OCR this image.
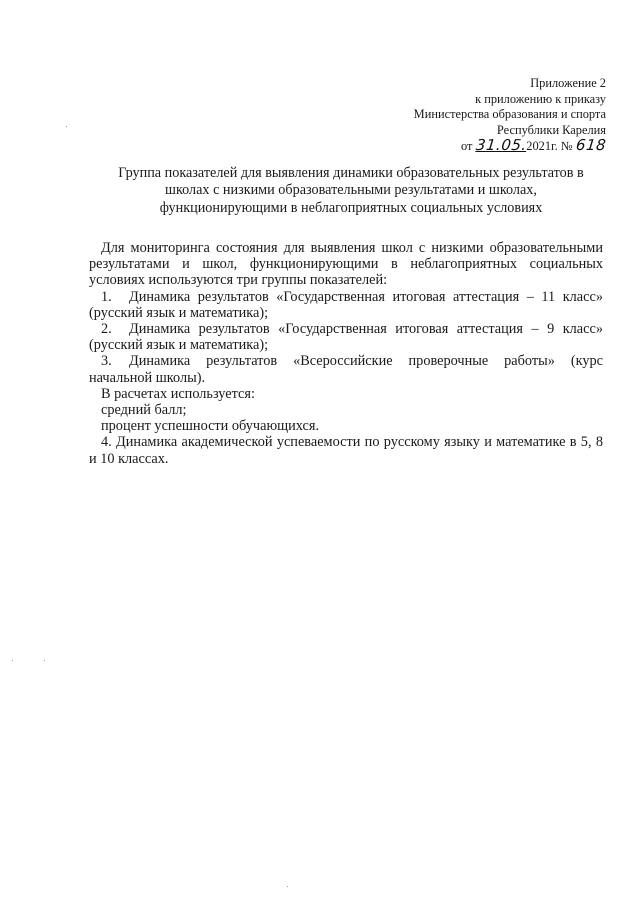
Приложение 2
к приложению к приказу
Министерства образования и спорта
Республики Карелия
от 31.05.2021г. № 618
Группа показателей для выявления динамики образовательных результатов в
школах с низкими образовательными результатами и школах,
функционирующими в неблагоприятных социальных условиях

Для мониторинга состояния для выявления школ с низкими образовательными результатами и школ, функционирующими в неблагоприятных социальных условиях используются три группы показателей:

1. Динамика результатов «Государственная итоговая аттестация – 11 класс» (русский язык и математика);

2. Динамика результатов «Государственная итоговая аттестация – 9 класс» (русский язык и математика);

3. Динамика результатов «Всероссийские проверочные работы» (курс начальной школы).

В расчетах используется:

средний балл;

процент успешности обучающихся.

4. Динамика академической успеваемости по русскому языку и математике в 5, 8 и 10 классах.
